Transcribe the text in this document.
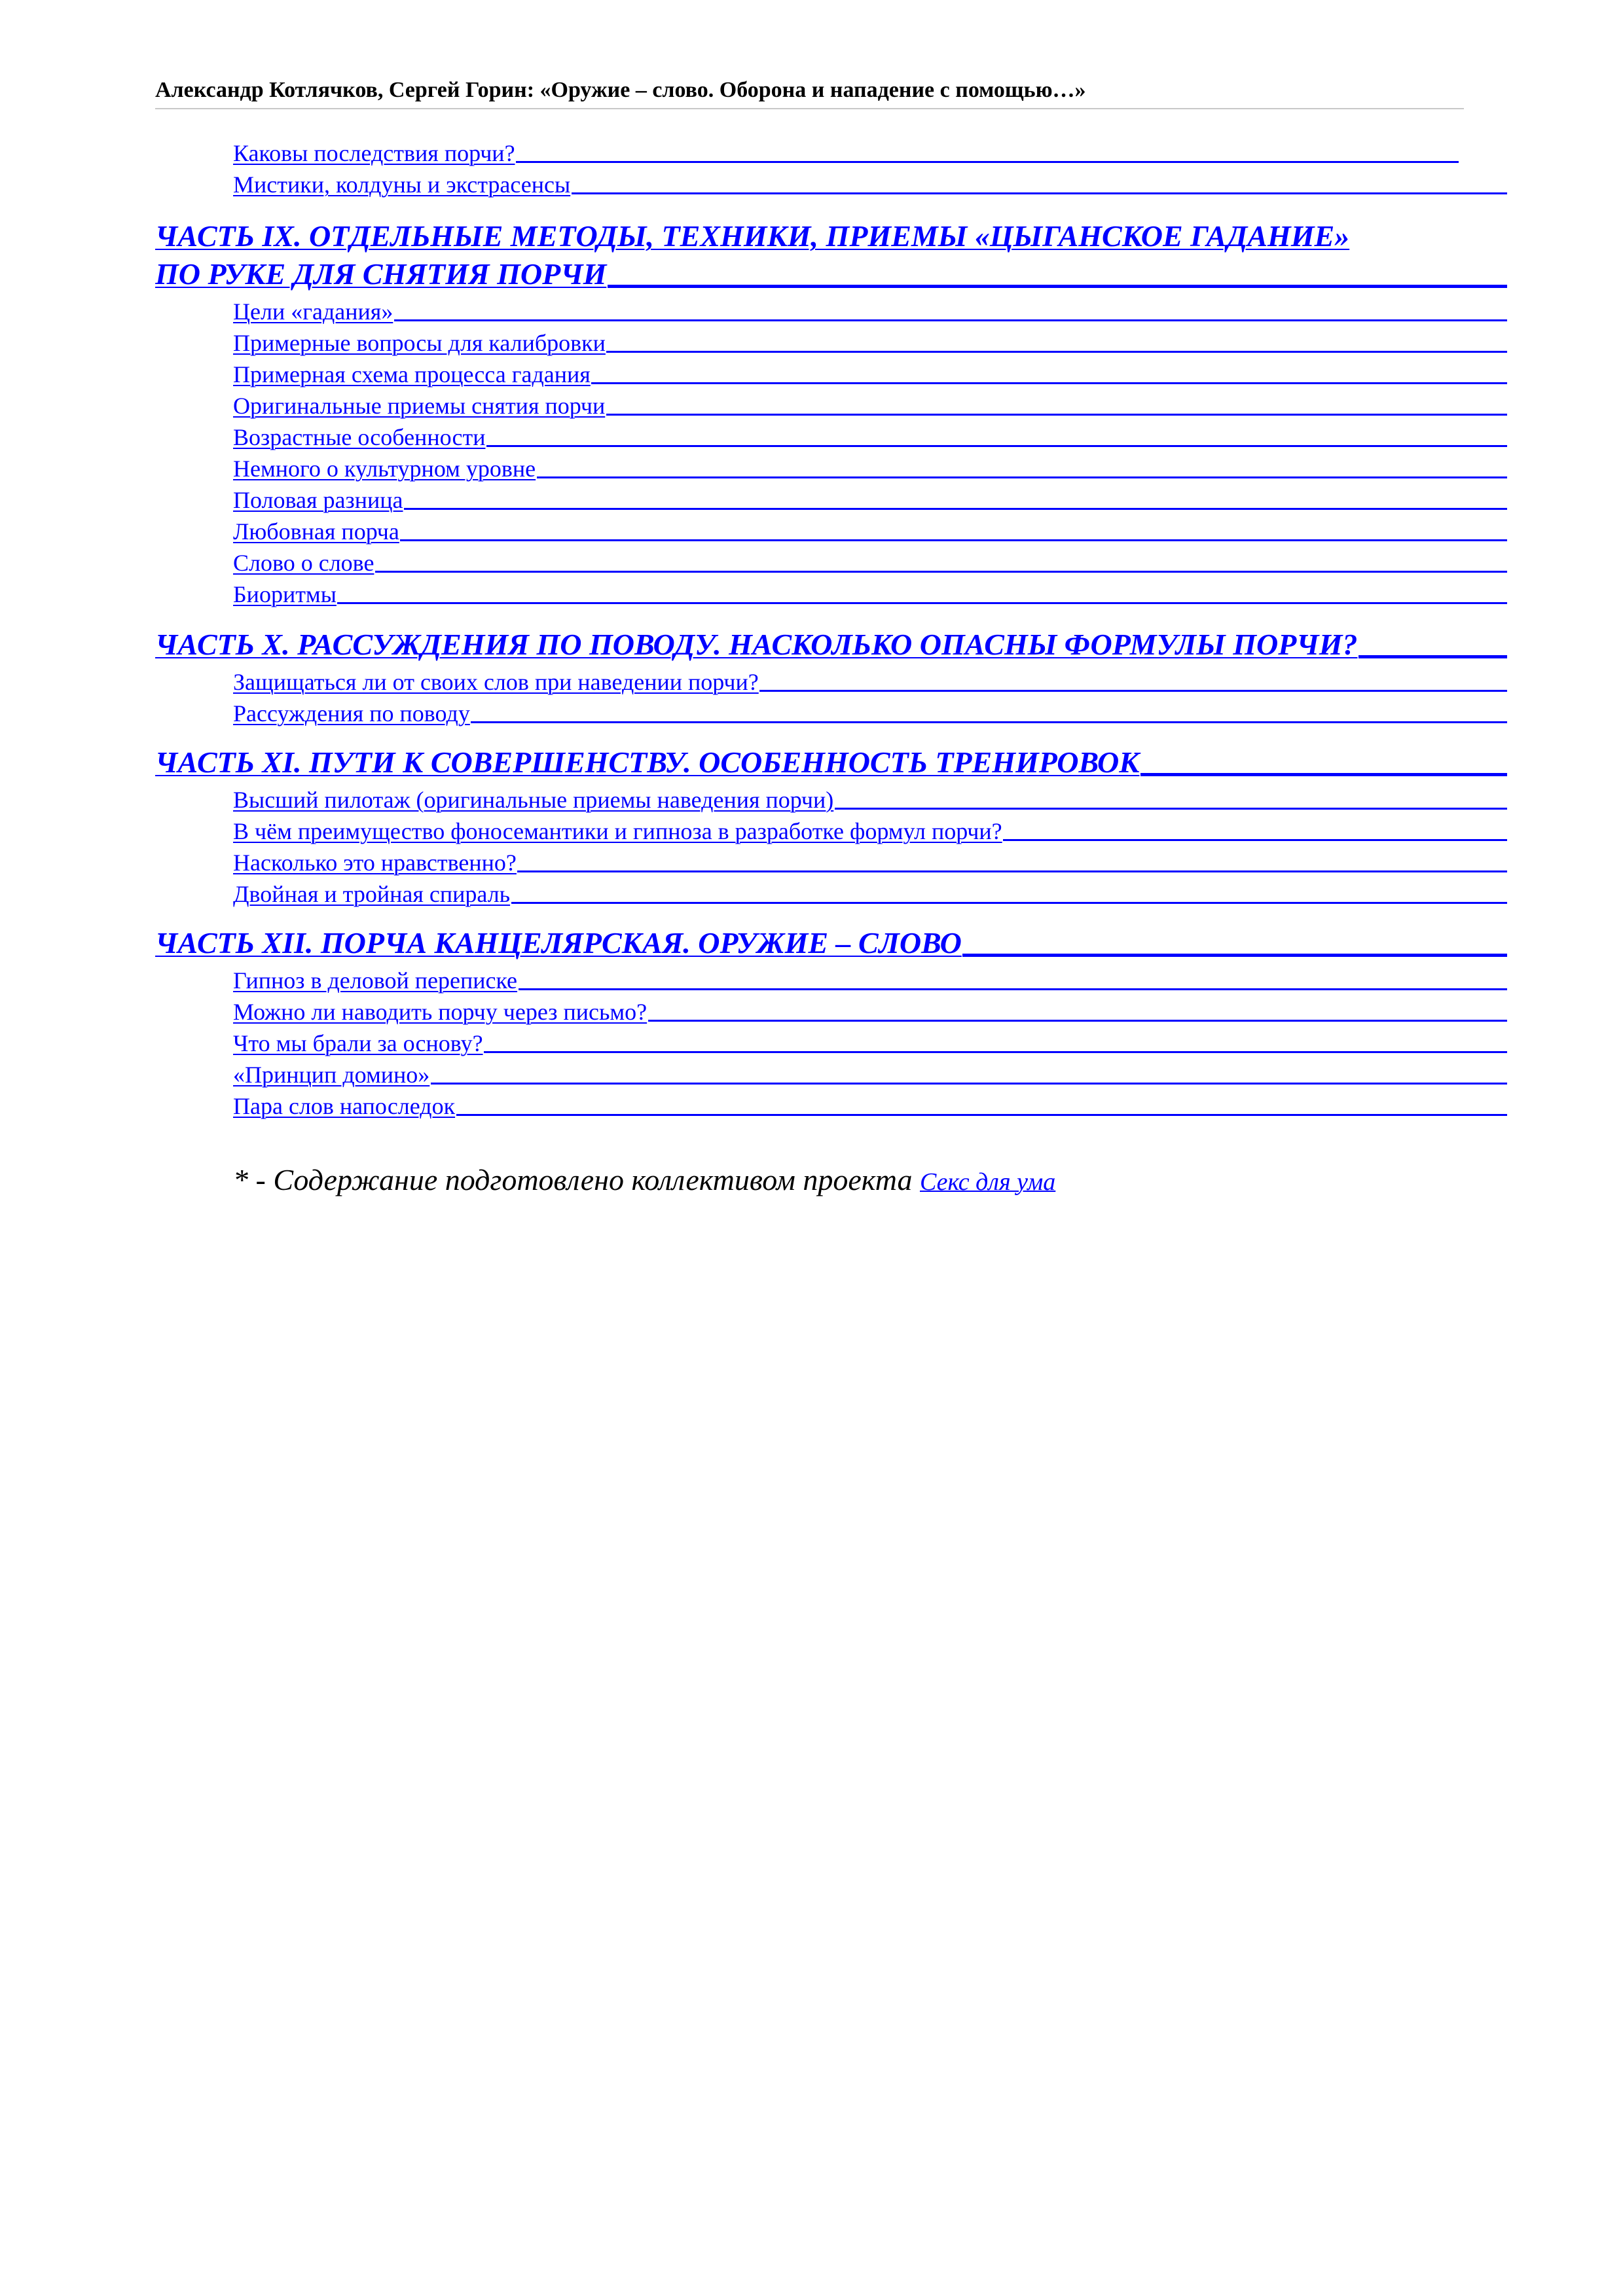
Александр Котлячков, Сергей Горин: «Оружие – слово. Оборона и нападение с помощью…»
Каковы последствия порчи?
Мистики, колдуны и экстрасенсы
ЧАСТЬ IX. ОТДЕЛЬНЫЕ МЕТОДЫ, ТЕХНИКИ, ПРИЕМЫ «ЦЫГАНСКОЕ ГАДАНИЕ»
ПО РУКЕ ДЛЯ СНЯТИЯ ПОРЧИ
Цели «гадания»
Примерные вопросы для калибровки
Примерная схема процесса гадания
Оригинальные приемы снятия порчи
Возрастные особенности
Немного о культурном уровне
Половая разница
Любовная порча
Слово о слове
Биоритмы
ЧАСТЬ X. РАССУЖДЕНИЯ ПО ПОВОДУ. НАСКОЛЬКО ОПАСНЫ ФОРМУЛЫ ПОРЧИ?
Защищаться ли от своих слов при наведении порчи?
Рассуждения по поводу
ЧАСТЬ XI. ПУТИ К СОВЕРШЕНСТВУ. ОСОБЕННОСТЬ ТРЕНИРОВОК
Высший пилотаж (оригинальные приемы наведения порчи)
В чём преимущество фоносемантики и гипноза в разработке формул порчи?
Насколько это нравственно?
Двойная и тройная спираль
ЧАСТЬ XII. ПОРЧА КАНЦЕЛЯРСКАЯ. ОРУЖИЕ – СЛОВО
Гипноз в деловой переписке
Можно ли наводить порчу через письмо?
Что мы брали за основу?
«Принцип домино»
Пара слов напоследок
* - Содержание подготовлено коллективом проекта Секс для ума
